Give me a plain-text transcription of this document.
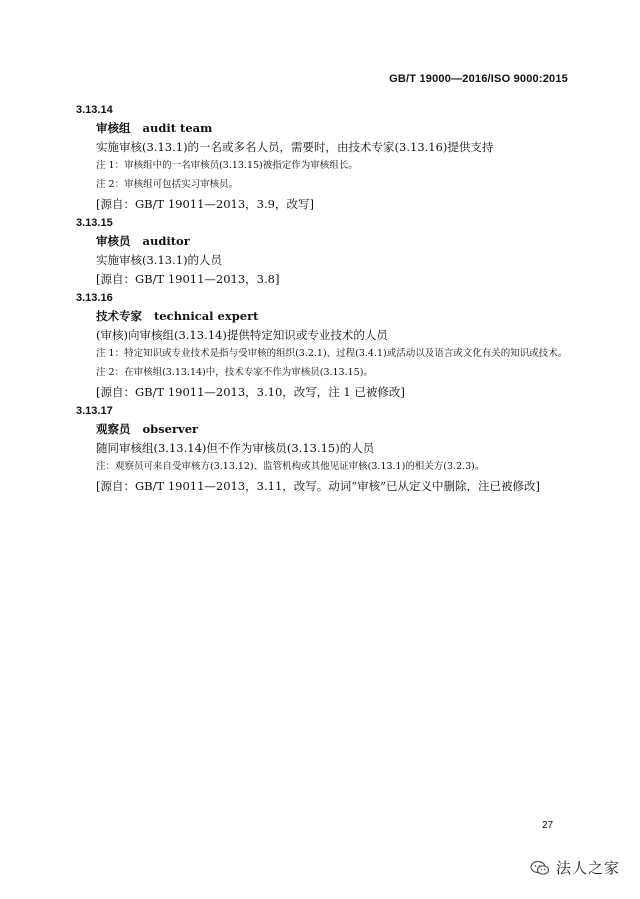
GB/T 19000—2016/ISO 9000:2015
3.13.14
审核组 audit team
实施审核(3.13.1)的一名或多名人员，需要时，由技术专家(3.13.16)提供支持
注 1：审核组中的一名审核员(3.13.15)被指定作为审核组长。
注 2：审核组可包括实习审核员。
[源自：GB/T 19011—2013，3.9，改写]
3.13.15
审核员 auditor
实施审核(3.13.1)的人员
[源自：GB/T 19011—2013，3.8]
3.13.16
技术专家 technical expert
(审核)向审核组(3.13.14)提供特定知识或专业技术的人员
注 1：特定知识或专业技术是指与受审核的组织(3.2.1)、过程(3.4.1)或活动以及语言或文化有关的知识或技术。
注 2：在审核组(3.13.14)中，技术专家不作为审核员(3.13.15)。
[源自：GB/T 19011—2013，3.10，改写，注 1 已被修改]
3.13.17
观察员 observer
随同审核组(3.13.14)但不作为审核员(3.13.15)的人员
注：观察员可来自受审核方(3.13.12)、监管机构或其他见证审核(3.13.1)的相关方(3.2.3)。
[源自：GB/T 19011—2013，3.11，改写。动词“审核”已从定义中删除，注已被修改]
27
法人之家
